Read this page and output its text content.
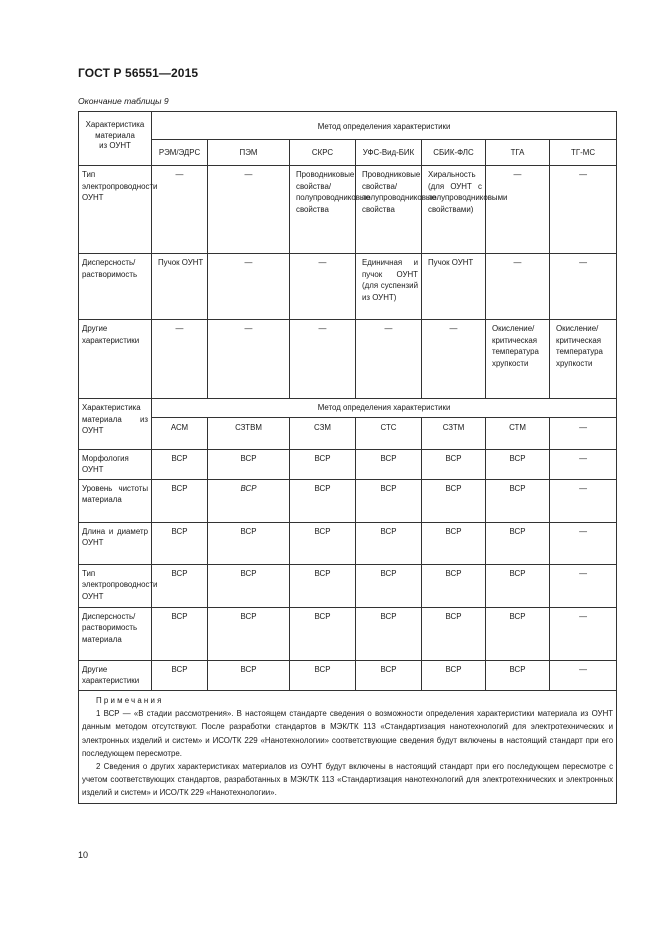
ГОСТ Р 56551—2015
Окончание таблицы 9
Характеристика
материала
из ОУНТ	Метод определения характеристики						
	РЭМ/ЭДРС	ПЭМ	СКРС	УФС-Вид-БИК	СБИК-ФЛС	ТГА	ТГ-МС
Тип электропроводности ОУНТ	—	—	Проводниковые свойства/ полупроводниковые свойства	Проводниковые свойства/ полупроводниковые свойства	Хиральность (для ОУНТ с полупроводниковыми свойствами)	—	—
Дисперсность/растворимость	Пучок ОУНТ	—	—	Единичная и пучок ОУНТ (для суспензий из ОУНТ)	Пучок ОУНТ	—	—
Другие характеристики	—	—	—	—	—	Окисление/критическая температура хрупкости	Окисление/критическая температура хрупкости
Характеристика материала из ОУНТ	Метод определения характеристики						
	АСМ	СЗТВМ	СЗМ	СТС	СЗТМ	СТМ	—
Морфология ОУНТ	ВСР	ВСР	ВСР	ВСР	ВСР	ВСР	—
Уровень чистоты материала	ВСР	ВСР	ВСР	ВСР	ВСР	ВСР	—
Длина и диаметр ОУНТ	ВСР	ВСР	ВСР	ВСР	ВСР	ВСР	—
Тип электропроводности ОУНТ	ВСР	ВСР	ВСР	ВСР	ВСР	ВСР	—
Дисперсность/растворимость материала	ВСР	ВСР	ВСР	ВСР	ВСР	ВСР	—
Другие характеристики	ВСР	ВСР	ВСР	ВСР	ВСР	ВСР	—

Примечания

1 ВСР — «В стадии рассмотрения». В настоящем стандарте сведения о возможности определения характеристики материала из ОУНТ данным методом отсутствуют. После разработки стандартов в МЭК/ТК 113 «Стандартизация нанотехнологий для электротехнических и электронных изделий и систем» и ИСО/ТК 229 «Нанотехнологии» соответствующие сведения будут включены в настоящий стандарт при его последующем пересмотре.

2 Сведения о других характеристиках материалов из ОУНТ будут включены в настоящий стандарт при его последующем пересмотре с учетом соответствующих стандартов, разработанных в МЭК/ТК 113 «Стандартизация нанотехнологий для электротехнических и электронных изделий и систем» и ИСО/ТК 229 «Нанотехнологии».							

10
